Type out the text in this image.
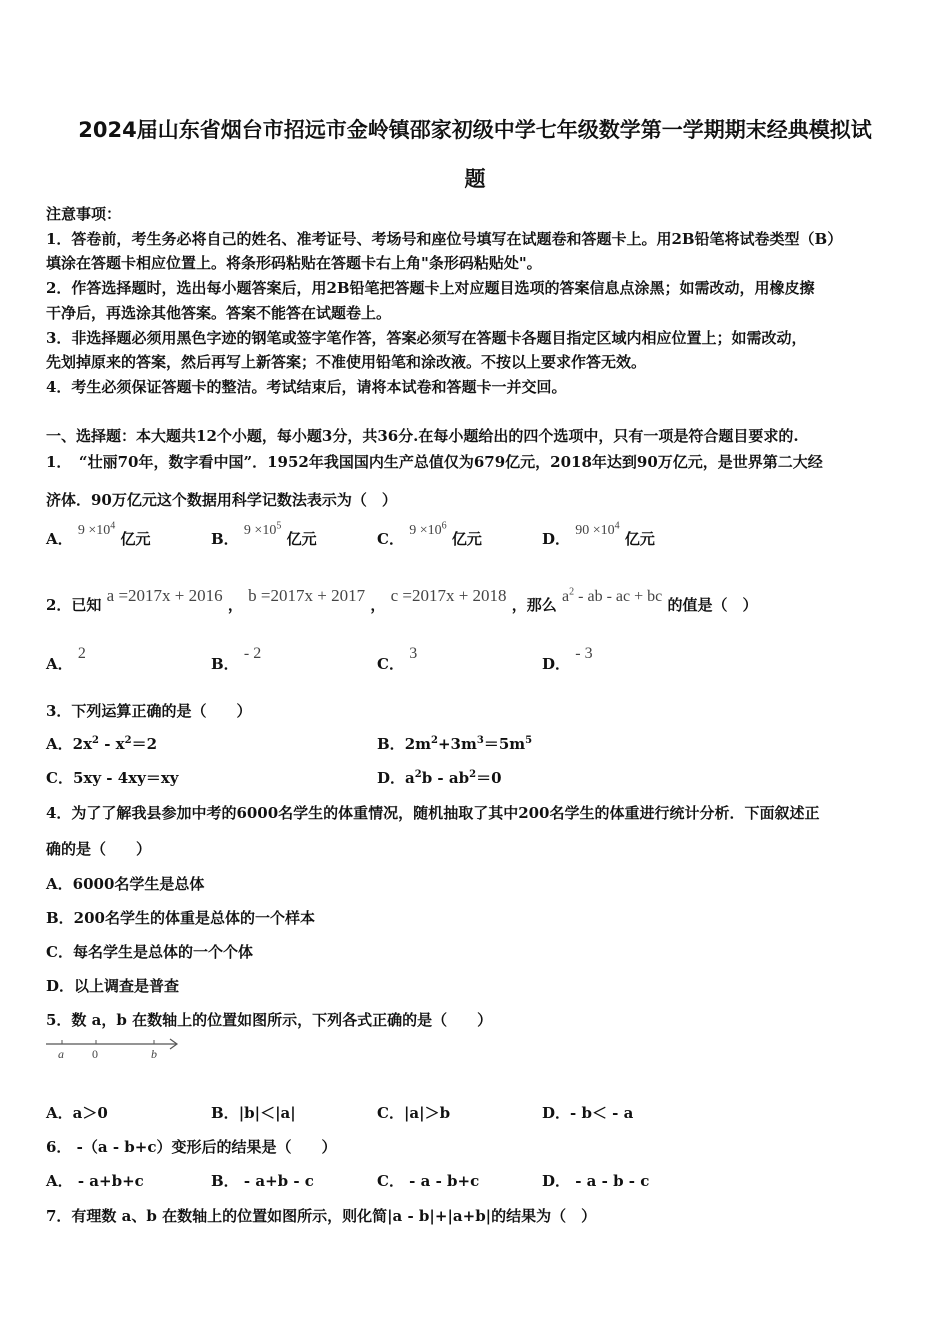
2024届山东省烟台市招远市金岭镇邵家初级中学七年级数学第一学期期末经典模拟试
题
注意事项：
1．答卷前，考生务必将自己的姓名、准考证号、考场号和座位号填写在试题卷和答题卡上。用2B铅笔将试卷类型（B）
填涂在答题卡相应位置上。将条形码粘贴在答题卡右上角"条形码粘贴处"。
2．作答选择题时，选出每小题答案后，用2B铅笔把答题卡上对应题目选项的答案信息点涂黑；如需改动，用橡皮擦
干净后，再选涂其他答案。答案不能答在试题卷上。
3．非选择题必须用黑色字迹的钢笔或签字笔作答，答案必须写在答题卡各题目指定区域内相应位置上；如需改动，
先划掉原来的答案，然后再写上新答案；不准使用铅笔和涂改液。不按以上要求作答无效。
4．考生必须保证答题卡的整洁。考试结束后，请将本试卷和答题卡一并交回。
一、选择题：本大题共12个小题，每小题3分，共36分.在每小题给出的四个选项中，只有一项是符合题目要求的.
1．　“壮丽70年，数字看中国”．1952年我国国内生产总值仅为679亿元，2018年达到90万亿元，是世界第二大经
济体．90万亿元这个数据用科学记数法表示为（　）
A． $9 \times 10^4$ 亿元	B． $9 \times 10^5$ 亿元	C． $9 \times 10^6$ 亿元	D． $90 \times 10^4$ 亿元
2．已知 a =2017x + 2016 ， b =2017x + 2017 ， c =2017x + 2018 ，那么 $a^2$ - ab - ac + bc 的值是（　）
A． 2
B． - 2
C． 3
D． - 3
3．下列运算正确的是（　　）
A．$2x^2 - x^2=2$	B．$2m^2+3m^3=5m^5$
C．5xy - 4xy＝xy	D．$a^2b - ab^2=0$
4．为了了解我县参加中考的6000名学生的体重情况，随机抽取了其中200名学生的体重进行统计分析．下面叙述正
确的是（　　）
A．6000名学生是总体
B．200名学生的体重是总体的一个样本
C．每名学生是总体的一个个体
D．以上调查是普查
5．数 a，b 在数轴上的位置如图所示，下列各式正确的是（　　）
a 0	b
A．a＞0	B．|b|＜|a|	C．|a|＞b	D．- b＜ - a
6． -（a - b+c）变形后的结果是（　　）
A． - a+b+c	B． - a+b - c	C． - a - b+c	D． - a - b - c
7．有理数 a、b 在数轴上的位置如图所示，则化简|a - b|+|a+b|的结果为（　）
